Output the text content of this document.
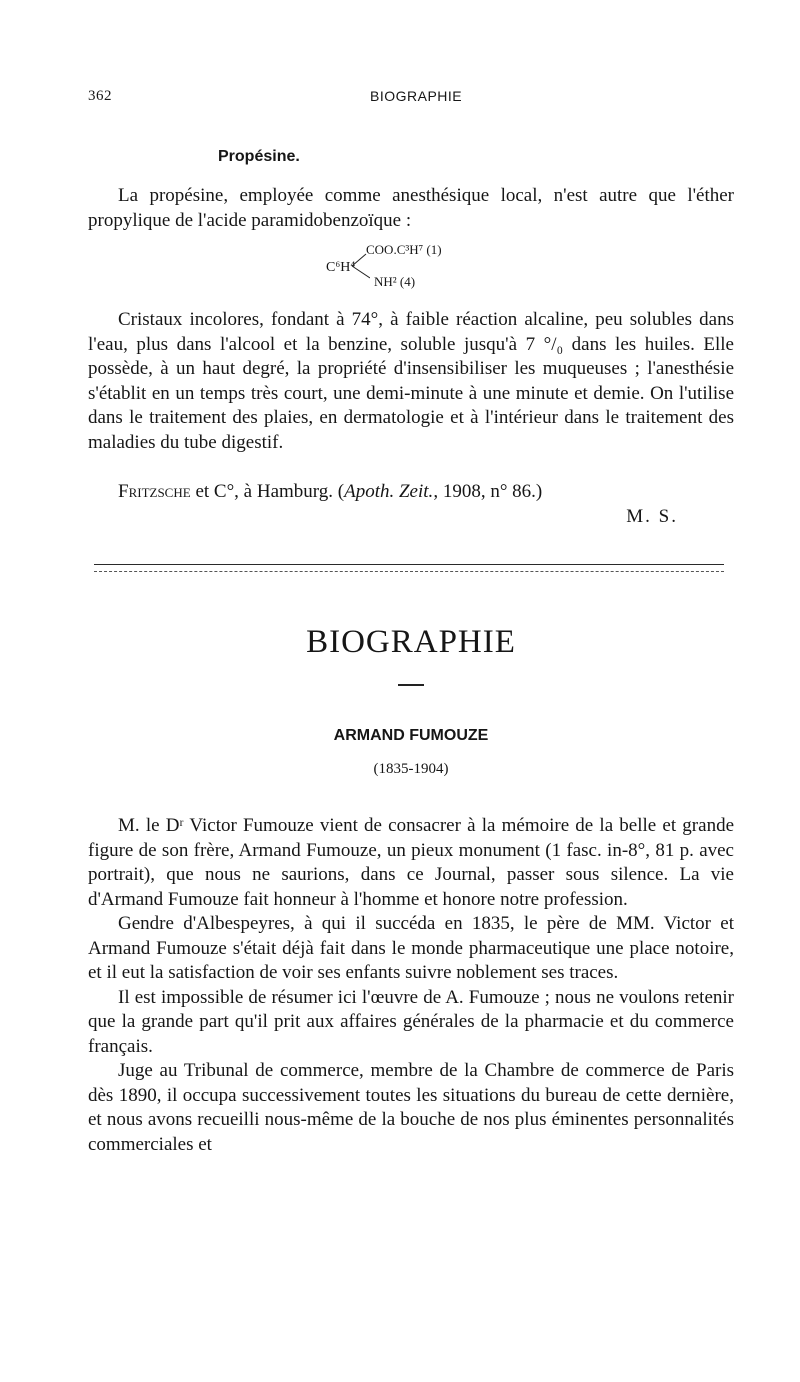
362	BIOGRAPHIE
Propésine.

La propésine, employée comme anesthésique local, n'est autre que l'éther propylique de l'acide paramidobenzoïque :

C⁶H⁴
COO.C³H⁷ (1)
NH² (4)

Cristaux incolores, fondant à 74°, à faible réaction alcaline, peu solubles dans l'eau, plus dans l'alcool et la benzine, soluble jusqu'à 7 °/₀ dans les huiles. Elle possède, à un haut degré, la propriété d'insensibiliser les muqueuses ; l'anesthésie s'établit en un temps très court, une demi-minute à une minute et demie. On l'utilise dans le traitement des plaies, en dermatologie et à l'intérieur dans le traitement des maladies du tube digestif.

Fritzsche et C°, à Hamburg. (Apoth. Zeit., 1908, n° 86.)

M. S.
BIOGRAPHIE
ARMAND FUMOUZE
(1835-1904)

M. le Dʳ Victor Fumouze vient de consacrer à la mémoire de la belle et grande figure de son frère, Armand Fumouze, un pieux monument (1 fasc. in-8°, 81 p. avec portrait), que nous ne saurions, dans ce Journal, passer sous silence. La vie d'Armand Fumouze fait honneur à l'homme et honore notre profession.

Gendre d'Albespeyres, à qui il succéda en 1835, le père de MM. Victor et Armand Fumouze s'était déjà fait dans le monde pharmaceutique une place notoire, et il eut la satisfaction de voir ses enfants suivre noblement ses traces.

Il est impossible de résumer ici l'œuvre de A. Fumouze ; nous ne voulons retenir que la grande part qu'il prit aux affaires générales de la pharmacie et du commerce français.

Juge au Tribunal de commerce, membre de la Chambre de commerce de Paris dès 1890, il occupa successivement toutes les situations du bureau de cette dernière, et nous avons recueilli nous-même de la bouche de nos plus éminentes personnalités commerciales et
